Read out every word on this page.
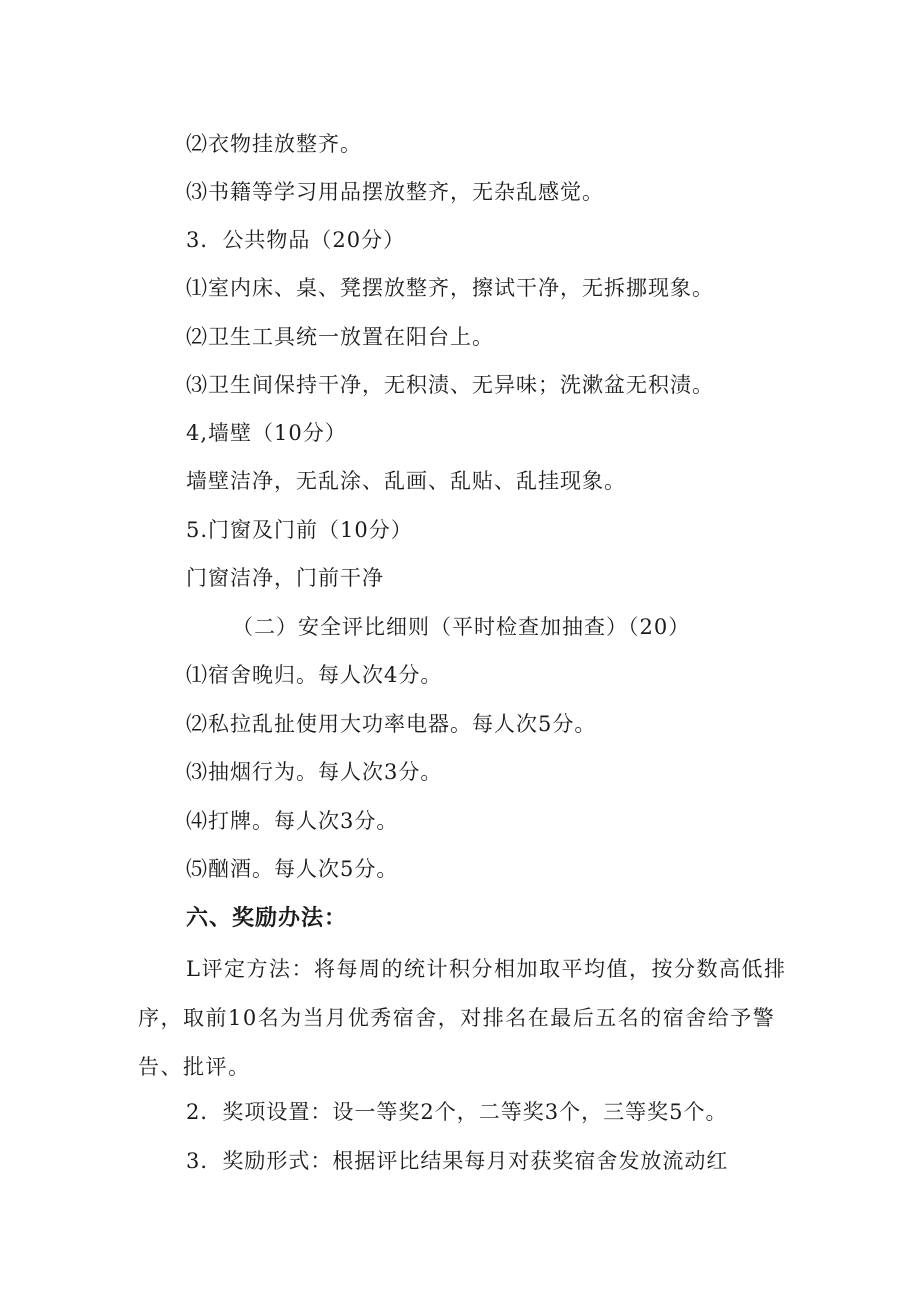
⑵衣物挂放整齐。
⑶书籍等学习用品摆放整齐，无杂乱感觉。
3．公共物品（20分）
⑴室内床、桌、凳摆放整齐，擦试干净，无拆挪现象。
⑵卫生工具统一放置在阳台上。
⑶卫生间保持干净，无积渍、无异味；洗漱盆无积渍。
4,墙壁（10分）
墙壁洁净，无乱涂、乱画、乱贴、乱挂现象。
5.门窗及门前（10分）
门窗洁净，门前干净
（二）安全评比细则（平时检查加抽查）（20）
⑴宿舍晚归。每人次4分。
⑵私拉乱扯使用大功率电器。每人次5分。
⑶抽烟行为。每人次3分。
⑷打牌。每人次3分。
⑸酗酒。每人次5分。
六、奖励办法：

L评定方法：将每周的统计积分相加取平均值，按分数高低排序，取前10名为当月优秀宿舍，对排名在最后五名的宿舍给予警告、批评。

2．奖项设置：设一等奖2个，二等奖3个，三等奖5个。
3．奖励形式：根据评比结果每月对获奖宿舍发放流动红
